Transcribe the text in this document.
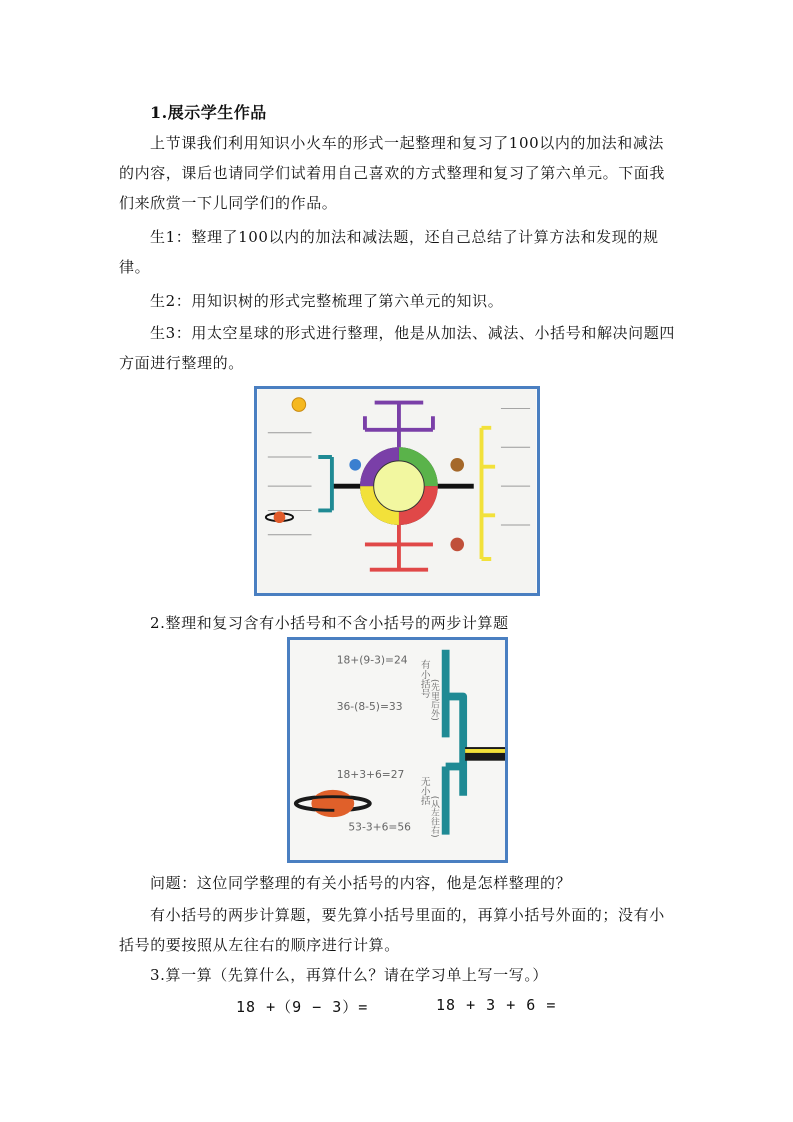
1.展示学生作品
上节课我们利用知识小火车的形式一起整理和复习了100以内的加法和减法的内容，课后也请同学们试着用自己喜欢的方式整理和复习了第六单元。下面我们来欣赏一下儿同学们的作品。
生1：整理了100以内的加法和减法题，还自己总结了计算方法和发现的规律。
生2：用知识树的形式完整梳理了第六单元的知识。
生3：用太空星球的形式进行整理，他是从加法、减法、小括号和解决问题四方面进行整理的。
2.整理和复习含有小括号和不含小括号的两步计算题
18+(9-3)=24
36-(8-5)=33
18+3+6=27
53-3+6=56
有小括号
(先里后外)
无小括
(从左往右)
问题：这位同学整理的有关小括号的内容，他是怎样整理的？
有小括号的两步计算题，要先算小括号里面的，再算小括号外面的；没有小括号的要按照从左往右的顺序进行计算。
3.算一算（先算什么，再算什么？请在学习单上写一写。）
18 +（9 − 3）=	18 + 3 + 6 =
